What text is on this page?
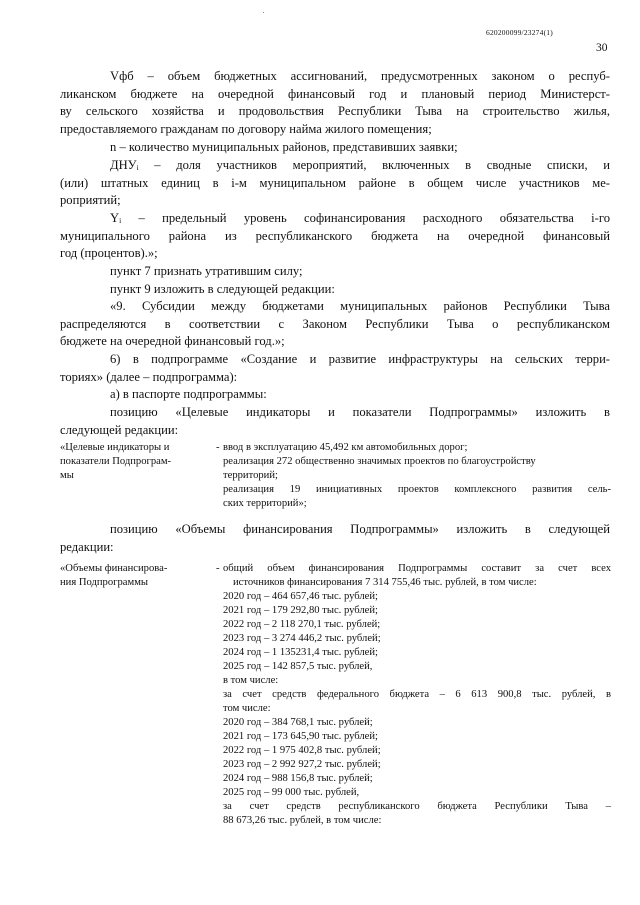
620200099/23274(1)
30
Vфб – объем бюджетных ассигнований, предусмотренных законом о респуб-
ликанском бюджете на очередной финансовый год и плановый период Министерст-
ву сельского хозяйства и продовольствия Республики Тыва на строительство жилья,
предоставляемого гражданам по договору найма жилого помещения;
n – количество муниципальных районов, представивших заявки;
ДНУᵢ – доля участников мероприятий, включенных в сводные списки, и
(или) штатных единиц в i-м муниципальном районе в общем числе участников ме-
роприятий;
Yᵢ – предельный уровень софинансирования расходного обязательства i-го
муниципального района из республиканского бюджета на очередной финансовый
год (процентов).»;
пункт 7 признать утратившим силу;
пункт 9 изложить в следующей редакции:
«9. Субсидии между бюджетами муниципальных районов Республики Тыва
распределяются в соответствии с Законом Республики Тыва о республиканском
бюджете на очередной финансовый год.»;
6) в подпрограмме «Создание и развитие инфраструктуры на сельских терри-
ториях» (далее – подпрограмма):
а) в паспорте подпрограммы:
позицию «Целевые индикаторы и показатели Подпрограммы» изложить в
следующей редакции:
«Целевые индикаторы и
показатели Подпрограм-
мы
- ввод в эксплуатацию 45,492 км автомобильных дорог;
реализация 272 общественно значимых проектов по благоустройству
территорий;
реализация 19 инициативных проектов комплексного развития сель-
ских территорий»;
позицию «Объемы финансирования Подпрограммы» изложить в следующей
редакции:
«Объемы финансирова-
ния Подпрограммы
- общий объем финансирования Подпрограммы составит за счет всех
источников финансирования 7 314 755,46 тыс. рублей, в том числе:
2020 год – 464 657,46 тыс. рублей;
2021 год – 179 292,80 тыс. рублей;
2022 год – 2 118 270,1 тыс. рублей;
2023 год – 3 274 446,2 тыс. рублей;
2024 год – 1 135231,4 тыс. рублей;
2025 год – 142 857,5 тыс. рублей,
в том числе:
за счет средств федерального бюджета – 6 613 900,8 тыс. рублей, в
том числе:
2020 год – 384 768,1 тыс. рублей;
2021 год – 173 645,90 тыс. рублей;
2022 год – 1 975 402,8 тыс. рублей;
2023 год – 2 992 927,2 тыс. рублей;
2024 год – 988 156,8 тыс. рублей;
2025 год – 99 000 тыс. рублей,
за счет средств республиканского бюджета Республики Тыва –
88 673,26 тыс. рублей, в том числе:
